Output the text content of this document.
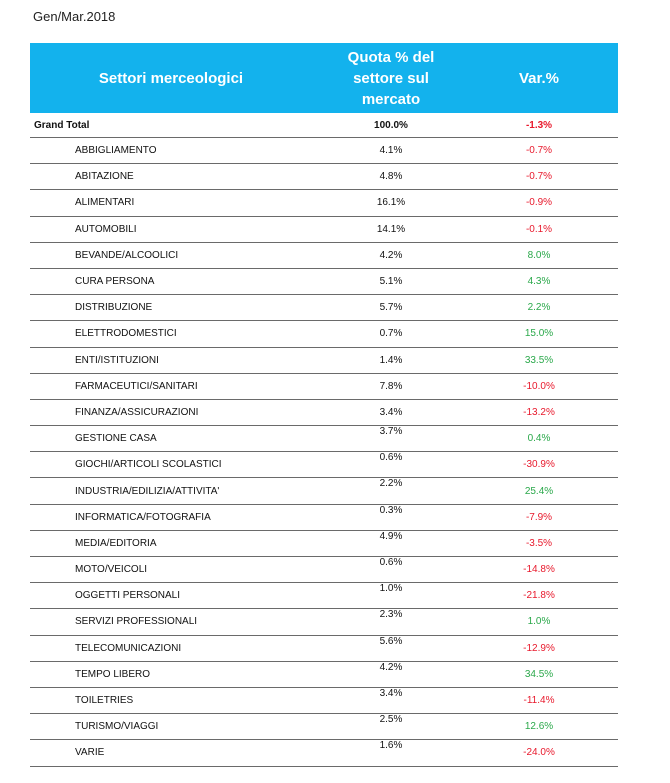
Gen/Mar.2018
Settori merceologici	Quota % del settore sul mercato	Var.%
Grand Total	100.0%	-1.3%
ABBIGLIAMENTO	4.1%	-0.7%
ABITAZIONE	4.8%	-0.7%
ALIMENTARI	16.1%	-0.9%
AUTOMOBILI	14.1%	-0.1%
BEVANDE/ALCOOLICI	4.2%	8.0%
CURA PERSONA	5.1%	4.3%
DISTRIBUZIONE	5.7%	2.2%
ELETTRODOMESTICI	0.7%	15.0%
ENTI/ISTITUZIONI	1.4%	33.5%
FARMACEUTICI/SANITARI	7.8%	-10.0%
FINANZA/ASSICURAZIONI	3.4%	-13.2%
GESTIONE CASA	3.7%	0.4%
GIOCHI/ARTICOLI SCOLASTICI	0.6%	-30.9%
INDUSTRIA/EDILIZIA/ATTIVITA'	2.2%	25.4%
INFORMATICA/FOTOGRAFIA	0.3%	-7.9%
MEDIA/EDITORIA	4.9%	-3.5%
MOTO/VEICOLI	0.6%	-14.8%
OGGETTI PERSONALI	1.0%	-21.8%
SERVIZI PROFESSIONALI	2.3%	1.0%
TELECOMUNICAZIONI	5.6%	-12.9%
TEMPO LIBERO	4.2%	34.5%
TOILETRIES	3.4%	-11.4%
TURISMO/VIAGGI	2.5%	12.6%
VARIE	1.6%	-24.0%
